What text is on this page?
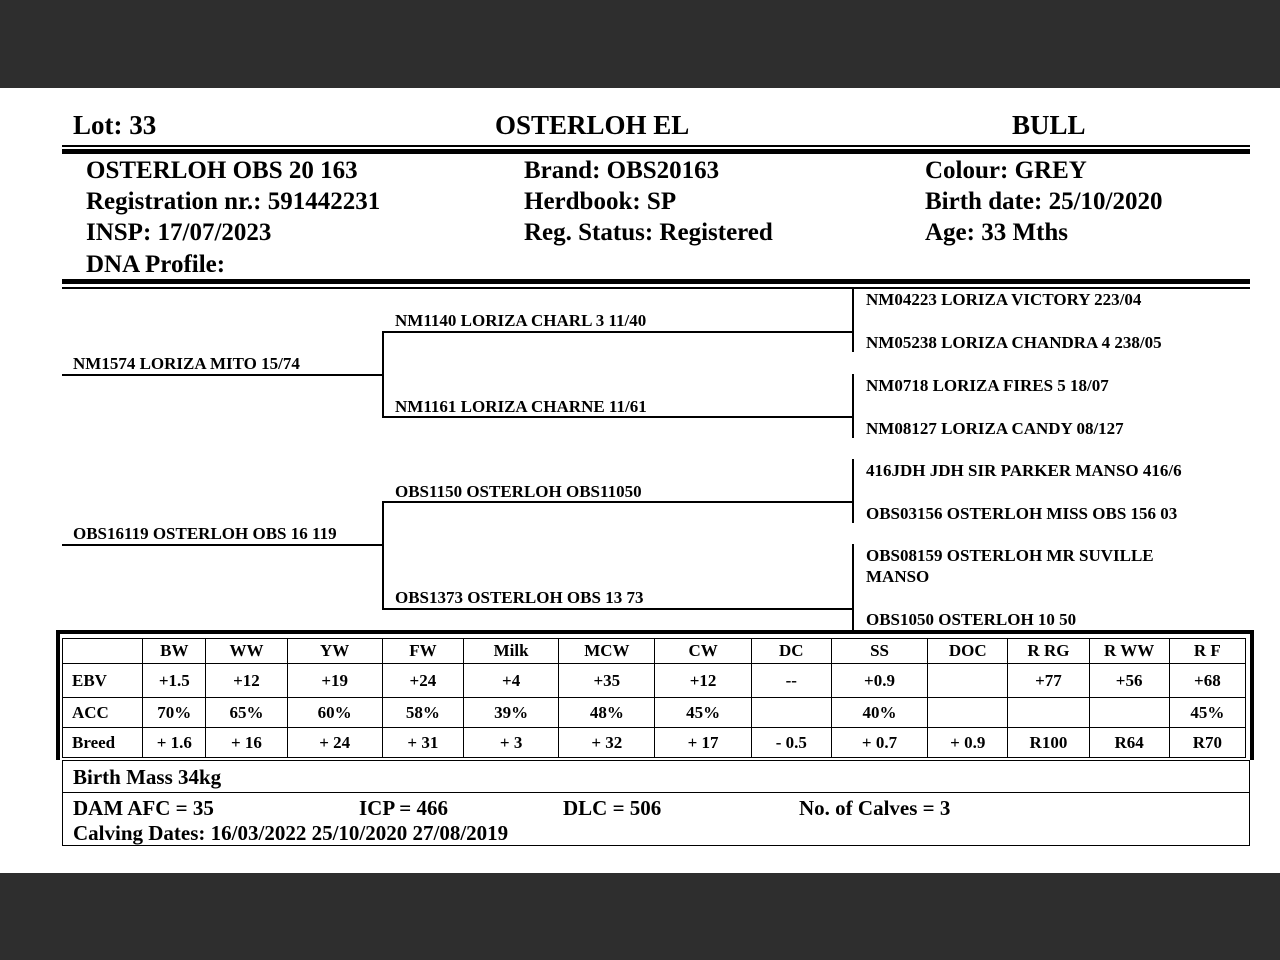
Lot: 33	OSTERLOH EL	BULL
OSTERLOH OBS 20 163
Registration nr.: 591442231
INSP: 17/07/2023
DNA Profile:
Brand: OBS20163
Herdbook: SP
Reg. Status: Registered
Colour: GREY
Birth date: 25/10/2020
Age: 33 Mths
NM1574 LORIZA MITO 15/74
OBS16119 OSTERLOH OBS 16 119
NM1140 LORIZA CHARL 3 11/40
NM1161 LORIZA CHARNE 11/61
OBS1150 OSTERLOH OBS11050
OBS1373 OSTERLOH OBS 13 73
NM04223 LORIZA VICTORY 223/04
NM05238 LORIZA CHANDRA 4 238/05
NM0718 LORIZA FIRES 5 18/07
NM08127 LORIZA CANDY 08/127
416JDH JDH SIR PARKER MANSO 416/6
OBS03156 OSTERLOH MISS OBS 156 03
OBS08159 OSTERLOH MR SUVILLE
MANSO
OBS1050 OSTERLOH 10 50
	BW	WW	YW	FW	Milk	MCW	CW	DC	SS	DOC	R RG	R WW	R F
EBV	+1.5	+12	+19	+24	+4	+35	+12	--	+0.9		+77	+56	+68
ACC	70%	65%	60%	58%	39%	48%	45%		40%				45%
Breed	+ 1.6	+ 16	+ 24	+ 31	+ 3	+ 32	+ 17	- 0.5	+ 0.7	+ 0.9	R100	R64	R70
Birth Mass 34kg
DAM AFC = 35	ICP = 466	DLC = 506	No. of Calves = 3
Calving Dates: 16/03/2022 25/10/2020 27/08/2019
